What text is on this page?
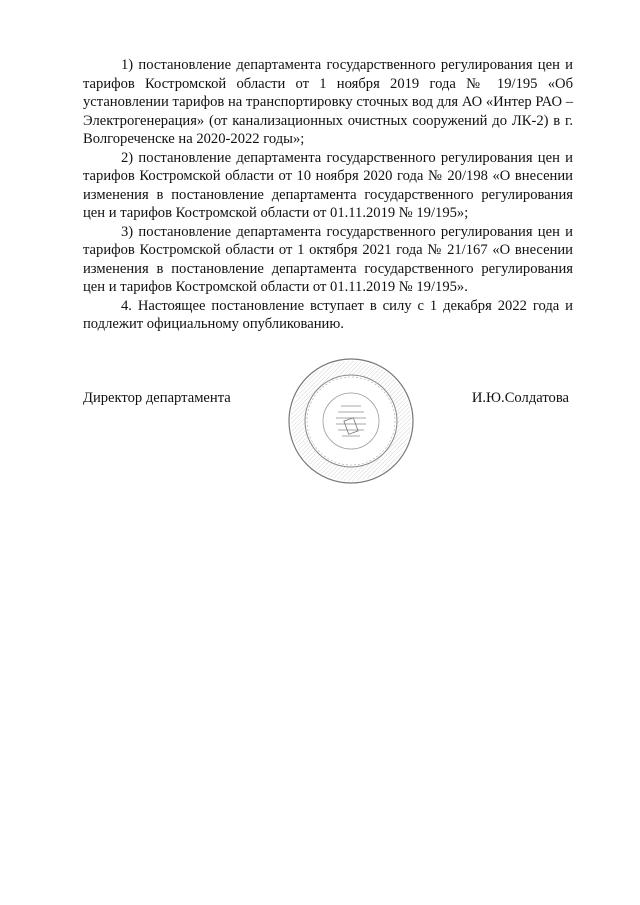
1) постановление департамента государственного регулирования цен и тарифов Костромской области от 1 ноября 2019 года № 19/195 «Об установлении тарифов на транспортировку сточных вод для АО «Интер РАО – Электрогенерация» (от канализационных очистных сооружений до ЛК-2) в г. Волгореченске на 2020-2022 годы»;

2) постановление департамента государственного регулирования цен и тарифов Костромской области от 10 ноября 2020 года № 20/198 «О внесении изменения в постановление департамента государственного регулирования цен и тарифов Костромской области от 01.11.2019 № 19/195»;

3) постановление департамента государственного регулирования цен и тарифов Костромской области от 1 октября 2021 года № 21/167 «О внесении изменения в постановление департамента государственного регулирования цен и тарифов Костромской области от 01.11.2019 № 19/195».

4. Настоящее постановление вступает в силу с 1 декабря 2022 года и подлежит официальному опубликованию.

Директор департамента	И.Ю.Солдатова
